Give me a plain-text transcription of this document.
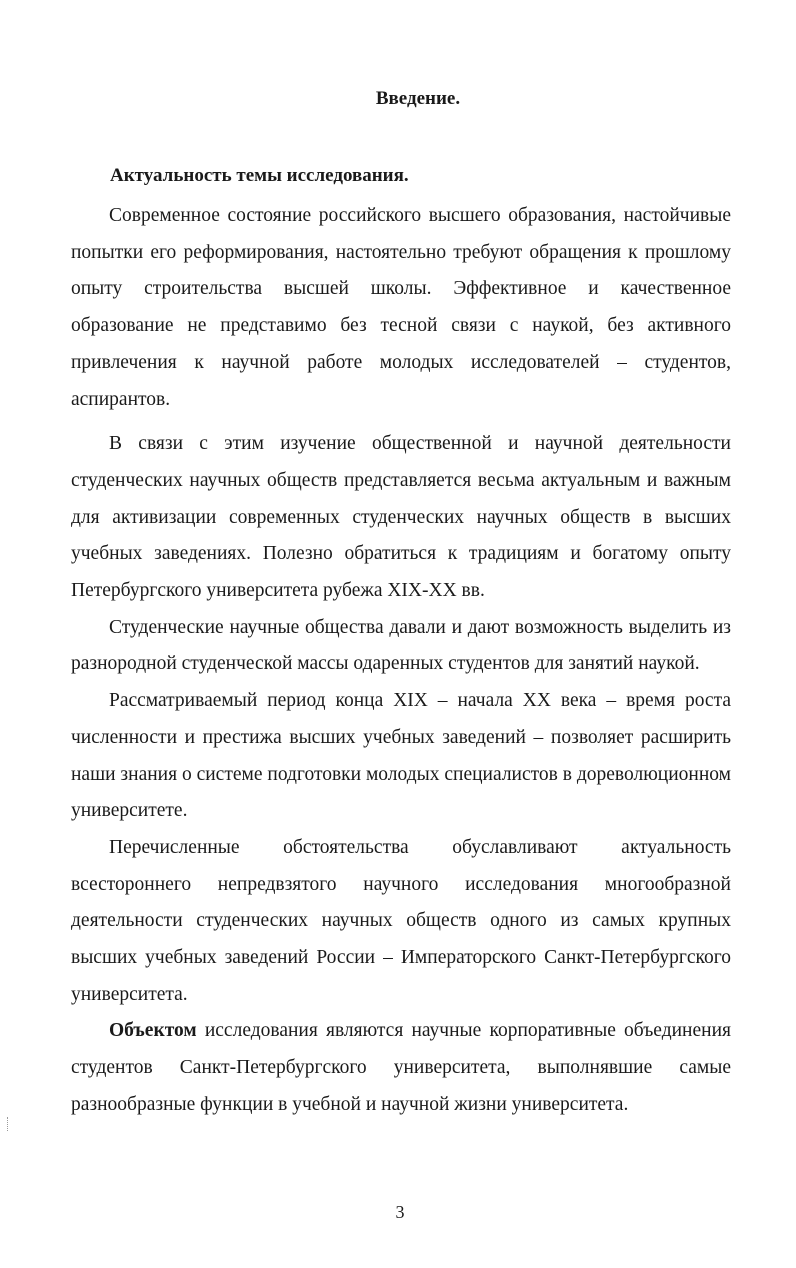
Введение.
Актуальность темы исследования.

Современное состояние российского высшего образования, настойчивые попытки его реформирования, настоятельно требуют обращения к прошлому опыту строительства высшей школы. Эффективное и качественное образование не представимо без тесной связи с наукой, без активного привлечения к научной работе молодых исследователей – студентов, аспирантов.

В связи с этим изучение общественной и научной деятельности студенческих научных обществ представляется весьма актуальным и важным для активизации современных студенческих научных обществ в высших учебных заведениях. Полезно обратиться к традициям и богатому опыту Петербургского университета рубежа XIX-XX вв.

Студенческие научные общества давали и дают возможность выделить из разнородной студенческой массы одаренных студентов для занятий наукой.

Рассматриваемый период конца XIX – начала XX века – время роста численности и престижа высших учебных заведений – позволяет расширить наши знания о системе подготовки молодых специалистов в дореволюционном университете.

Перечисленные обстоятельства обуславливают актуальность всестороннего непредвзятого научного исследования многообразной деятельности студенческих научных обществ одного из самых крупных высших учебных заведений России – Императорского Санкт-Петербургского университета.

Объектом исследования являются научные корпоративные объединения студентов Санкт-Петербургского университета, выполнявшие самые разнообразные функции в учебной и научной жизни университета.

3
